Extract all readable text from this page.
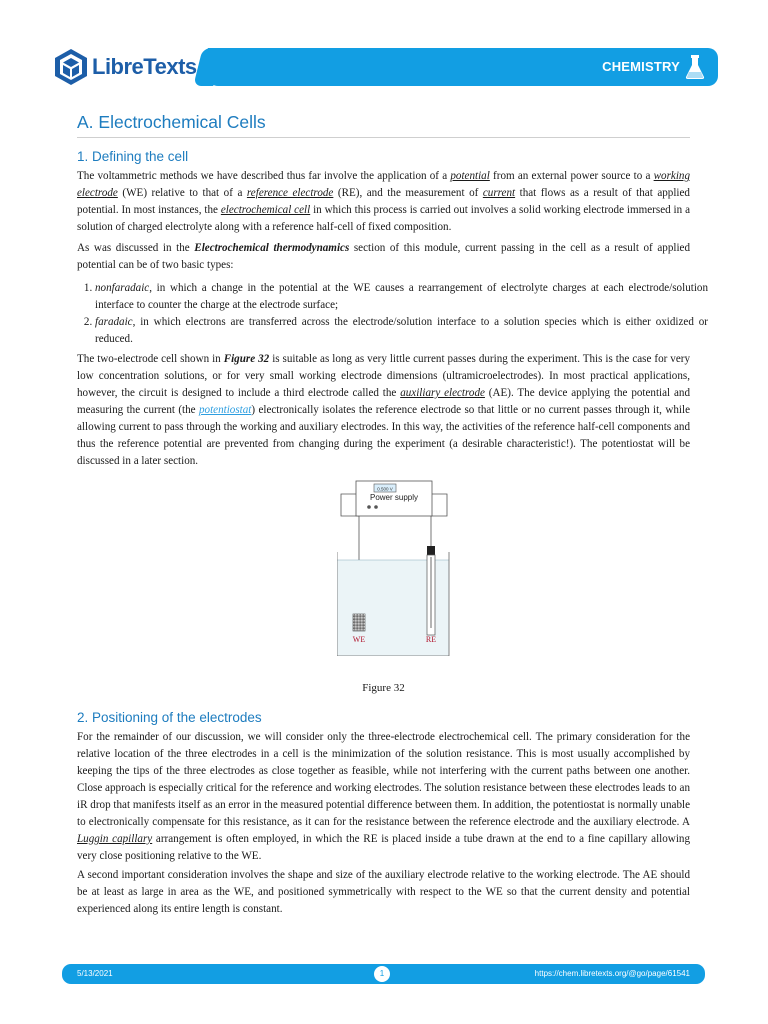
LibreTexts	CHEMISTRY
A. Electrochemical Cells
1. Defining the cell

The voltammetric methods we have described thus far involve the application of a potential from an external power source to a working electrode (WE) relative to that of a reference electrode (RE), and the measurement of current that flows as a result of that applied potential. In most instances, the electrochemical cell in which this process is carried out involves a solid working electrode immersed in a solution of charged electrolyte along with a reference half-cell of fixed composition.

As was discussed in the Electrochemical thermodynamics section of this module, current passing in the cell as a result of applied potential can be of two basic types:

1. nonfaradaic, in which a change in the potential at the WE causes a rearrangement of electrolyte charges at each electrode/solution interface to counter the charge at the electrode surface;
2. faradaic, in which electrons are transferred across the electrode/solution interface to a solution species which is either oxidized or reduced.

The two-electrode cell shown in Figure 32 is suitable as long as very little current passes during the experiment. This is the case for very low concentration solutions, or for very small working electrode dimensions (ultramicroelectrodes). In most practical applications, however, the circuit is designed to include a third electrode called the auxiliary electrode (AE). The device applying the potential and measuring the current (the potentiostat) electronically isolates the reference electrode so that little or no current passes through it, while allowing current to pass through the working and auxiliary electrodes. In this way, the activities of the reference half-cell components and thus the reference potential are prevented from changing during the experiment (a desirable characteristic!). The potentiostat will be discussed in a later section.

0.500 V
Power supply
WE	RE
Figure 32
2. Positioning of the electrodes

For the remainder of our discussion, we will consider only the three-electrode electrochemical cell. The primary consideration for the relative location of the three electrodes in a cell is the minimization of the solution resistance. This is most usually accomplished by keeping the tips of the three electrodes as close together as feasible, while not interfering with the current paths between one another. Close approach is especially critical for the reference and working electrodes. The solution resistance between these electrodes leads to an iR drop that manifests itself as an error in the measured potential difference between them. In addition, the potentiostat is normally unable to electronically compensate for this resistance, as it can for the resistance between the reference electrode and the auxiliary electrode. A Luggin capillary arrangement is often employed, in which the RE is placed inside a tube drawn at the end to a fine capillary allowing very close positioning relative to the WE.

A second important consideration involves the shape and size of the auxiliary electrode relative to the working electrode. The AE should be at least as large in area as the WE, and positioned symmetrically with respect to the WE so that the current density and potential experienced along its entire length is constant.

5/13/2021	1	https://chem.libretexts.org/@go/page/61541
